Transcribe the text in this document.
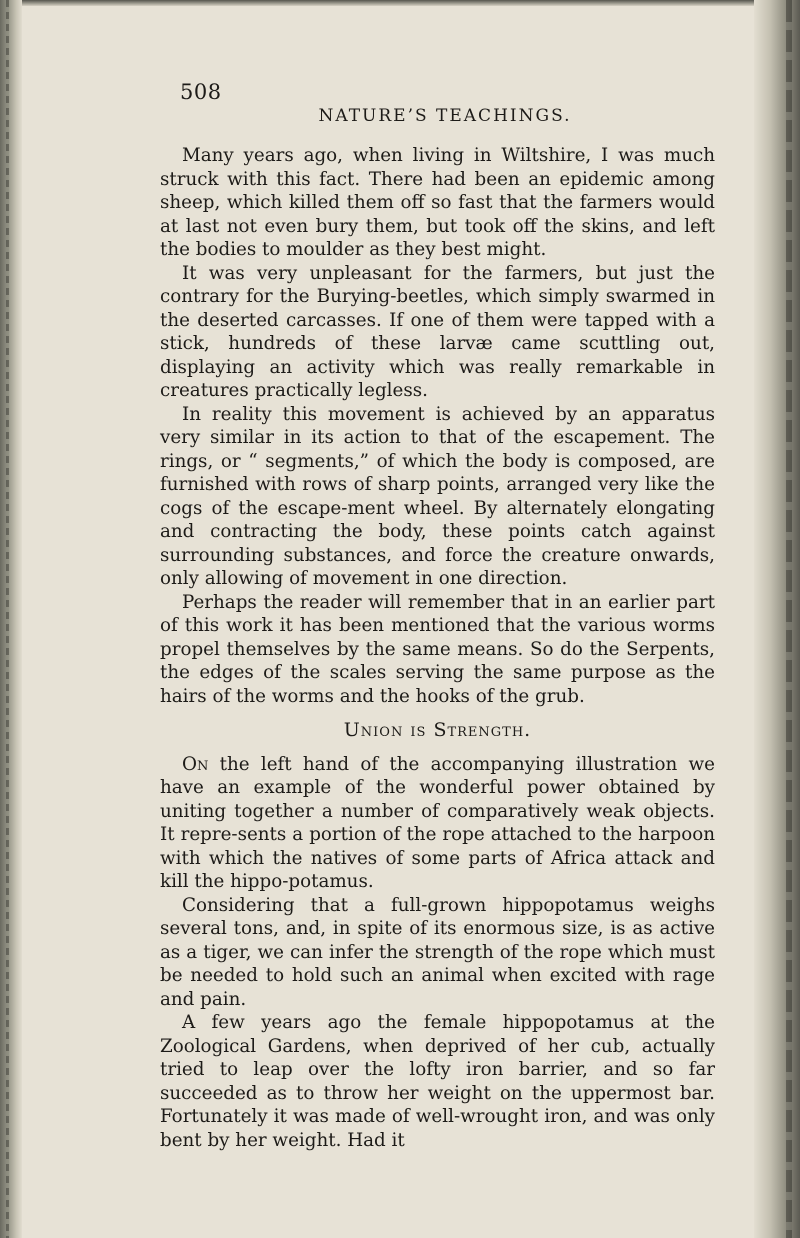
508
NATURE’S TEACHINGS.

Many years ago, when living in Wiltshire, I was much struck with this fact. There had been an epidemic among sheep, which killed them off so fast that the farmers would at last not even bury them, but took off the skins, and left the bodies to moulder as they best might.

It was very unpleasant for the farmers, but just the contrary for the Burying-beetles, which simply swarmed in the deserted carcasses. If one of them were tapped with a stick, hundreds of these larvæ came scuttling out, displaying an activity which was really remarkable in creatures practically legless.

In reality this movement is achieved by an apparatus very similar in its action to that of the escapement. The rings, or “ segments,” of which the body is composed, are furnished with rows of sharp points, arranged very like the cogs of the escape-ment wheel. By alternately elongating and contracting the body, these points catch against surrounding substances, and force the creature onwards, only allowing of movement in one direction.

Perhaps the reader will remember that in an earlier part of this work it has been mentioned that the various worms propel themselves by the same means. So do the Serpents, the edges of the scales serving the same purpose as the hairs of the worms and the hooks of the grub.

Union is Strength.

On the left hand of the accompanying illustration we have an example of the wonderful power obtained by uniting together a number of comparatively weak objects. It repre-sents a portion of the rope attached to the harpoon with which the natives of some parts of Africa attack and kill the hippo-potamus.

Considering that a full-grown hippopotamus weighs several tons, and, in spite of its enormous size, is as active as a tiger, we can infer the strength of the rope which must be needed to hold such an animal when excited with rage and pain.

A few years ago the female hippopotamus at the Zoological Gardens, when deprived of her cub, actually tried to leap over the lofty iron barrier, and so far succeeded as to throw her weight on the uppermost bar. Fortunately it was made of well-wrought iron, and was only bent by her weight. Had it
